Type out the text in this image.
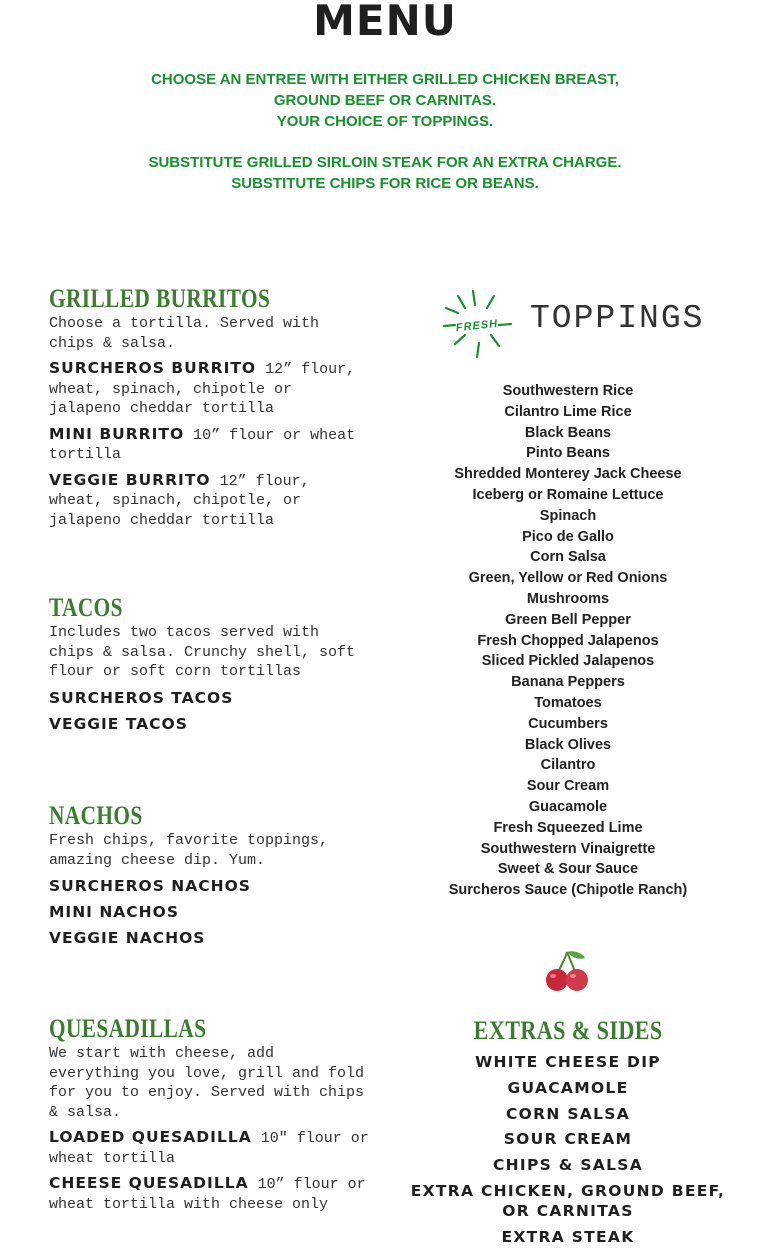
MENU
CHOOSE AN ENTREE WITH EITHER GRILLED CHICKEN BREAST,
GROUND BEEF OR CARNITAS.
YOUR CHOICE OF TOPPINGS.
SUBSTITUTE GRILLED SIRLOIN STEAK FOR AN EXTRA CHARGE.
SUBSTITUTE CHIPS FOR RICE OR BEANS.
GRILLED BURRITOS

Choose a tortilla. Served with chips & salsa.

SURCHEROS BURRITO 12” flour, wheat, spinach, chipotle or jalapeno cheddar tortilla
MINI BURRITO 10” flour or wheat tortilla
VEGGIE BURRITO 12” flour, wheat, spinach, chipotle, or jalapeno cheddar tortilla
TACOS

Includes two tacos served with chips & salsa. Crunchy shell, soft flour or soft corn tortillas

SURCHEROS TACOS
VEGGIE TACOS
NACHOS

Fresh chips, favorite toppings, amazing cheese dip. Yum.

SURCHEROS NACHOS
MINI NACHOS
VEGGIE NACHOS
QUESADILLAS

We start with cheese, add everything you love, grill and fold for you to enjoy. Served with chips & salsa.

LOADED QUESADILLA 10" flour or wheat tortilla
CHEESE QUESADILLA 10” flour or wheat tortilla with cheese only
FRESH TOPPINGS
Southwestern Rice
Cilantro Lime Rice
Black Beans
Pinto Beans
Shredded Monterey Jack Cheese
Iceberg or Romaine Lettuce
Spinach
Pico de Gallo
Corn Salsa
Green, Yellow or Red Onions
Mushrooms
Green Bell Pepper
Fresh Chopped Jalapenos
Sliced Pickled Jalapenos
Banana Peppers
Tomatoes
Cucumbers
Black Olives
Cilantro
Sour Cream
Guacamole
Fresh Squeezed Lime
Southwestern Vinaigrette
Sweet & Sour Sauce
Surcheros Sauce (Chipotle Ranch)
EXTRAS & SIDES
WHITE CHEESE DIP
GUACAMOLE
CORN SALSA
SOUR CREAM
CHIPS & SALSA
EXTRA CHICKEN, GROUND BEEF, OR CARNITAS
EXTRA STEAK
